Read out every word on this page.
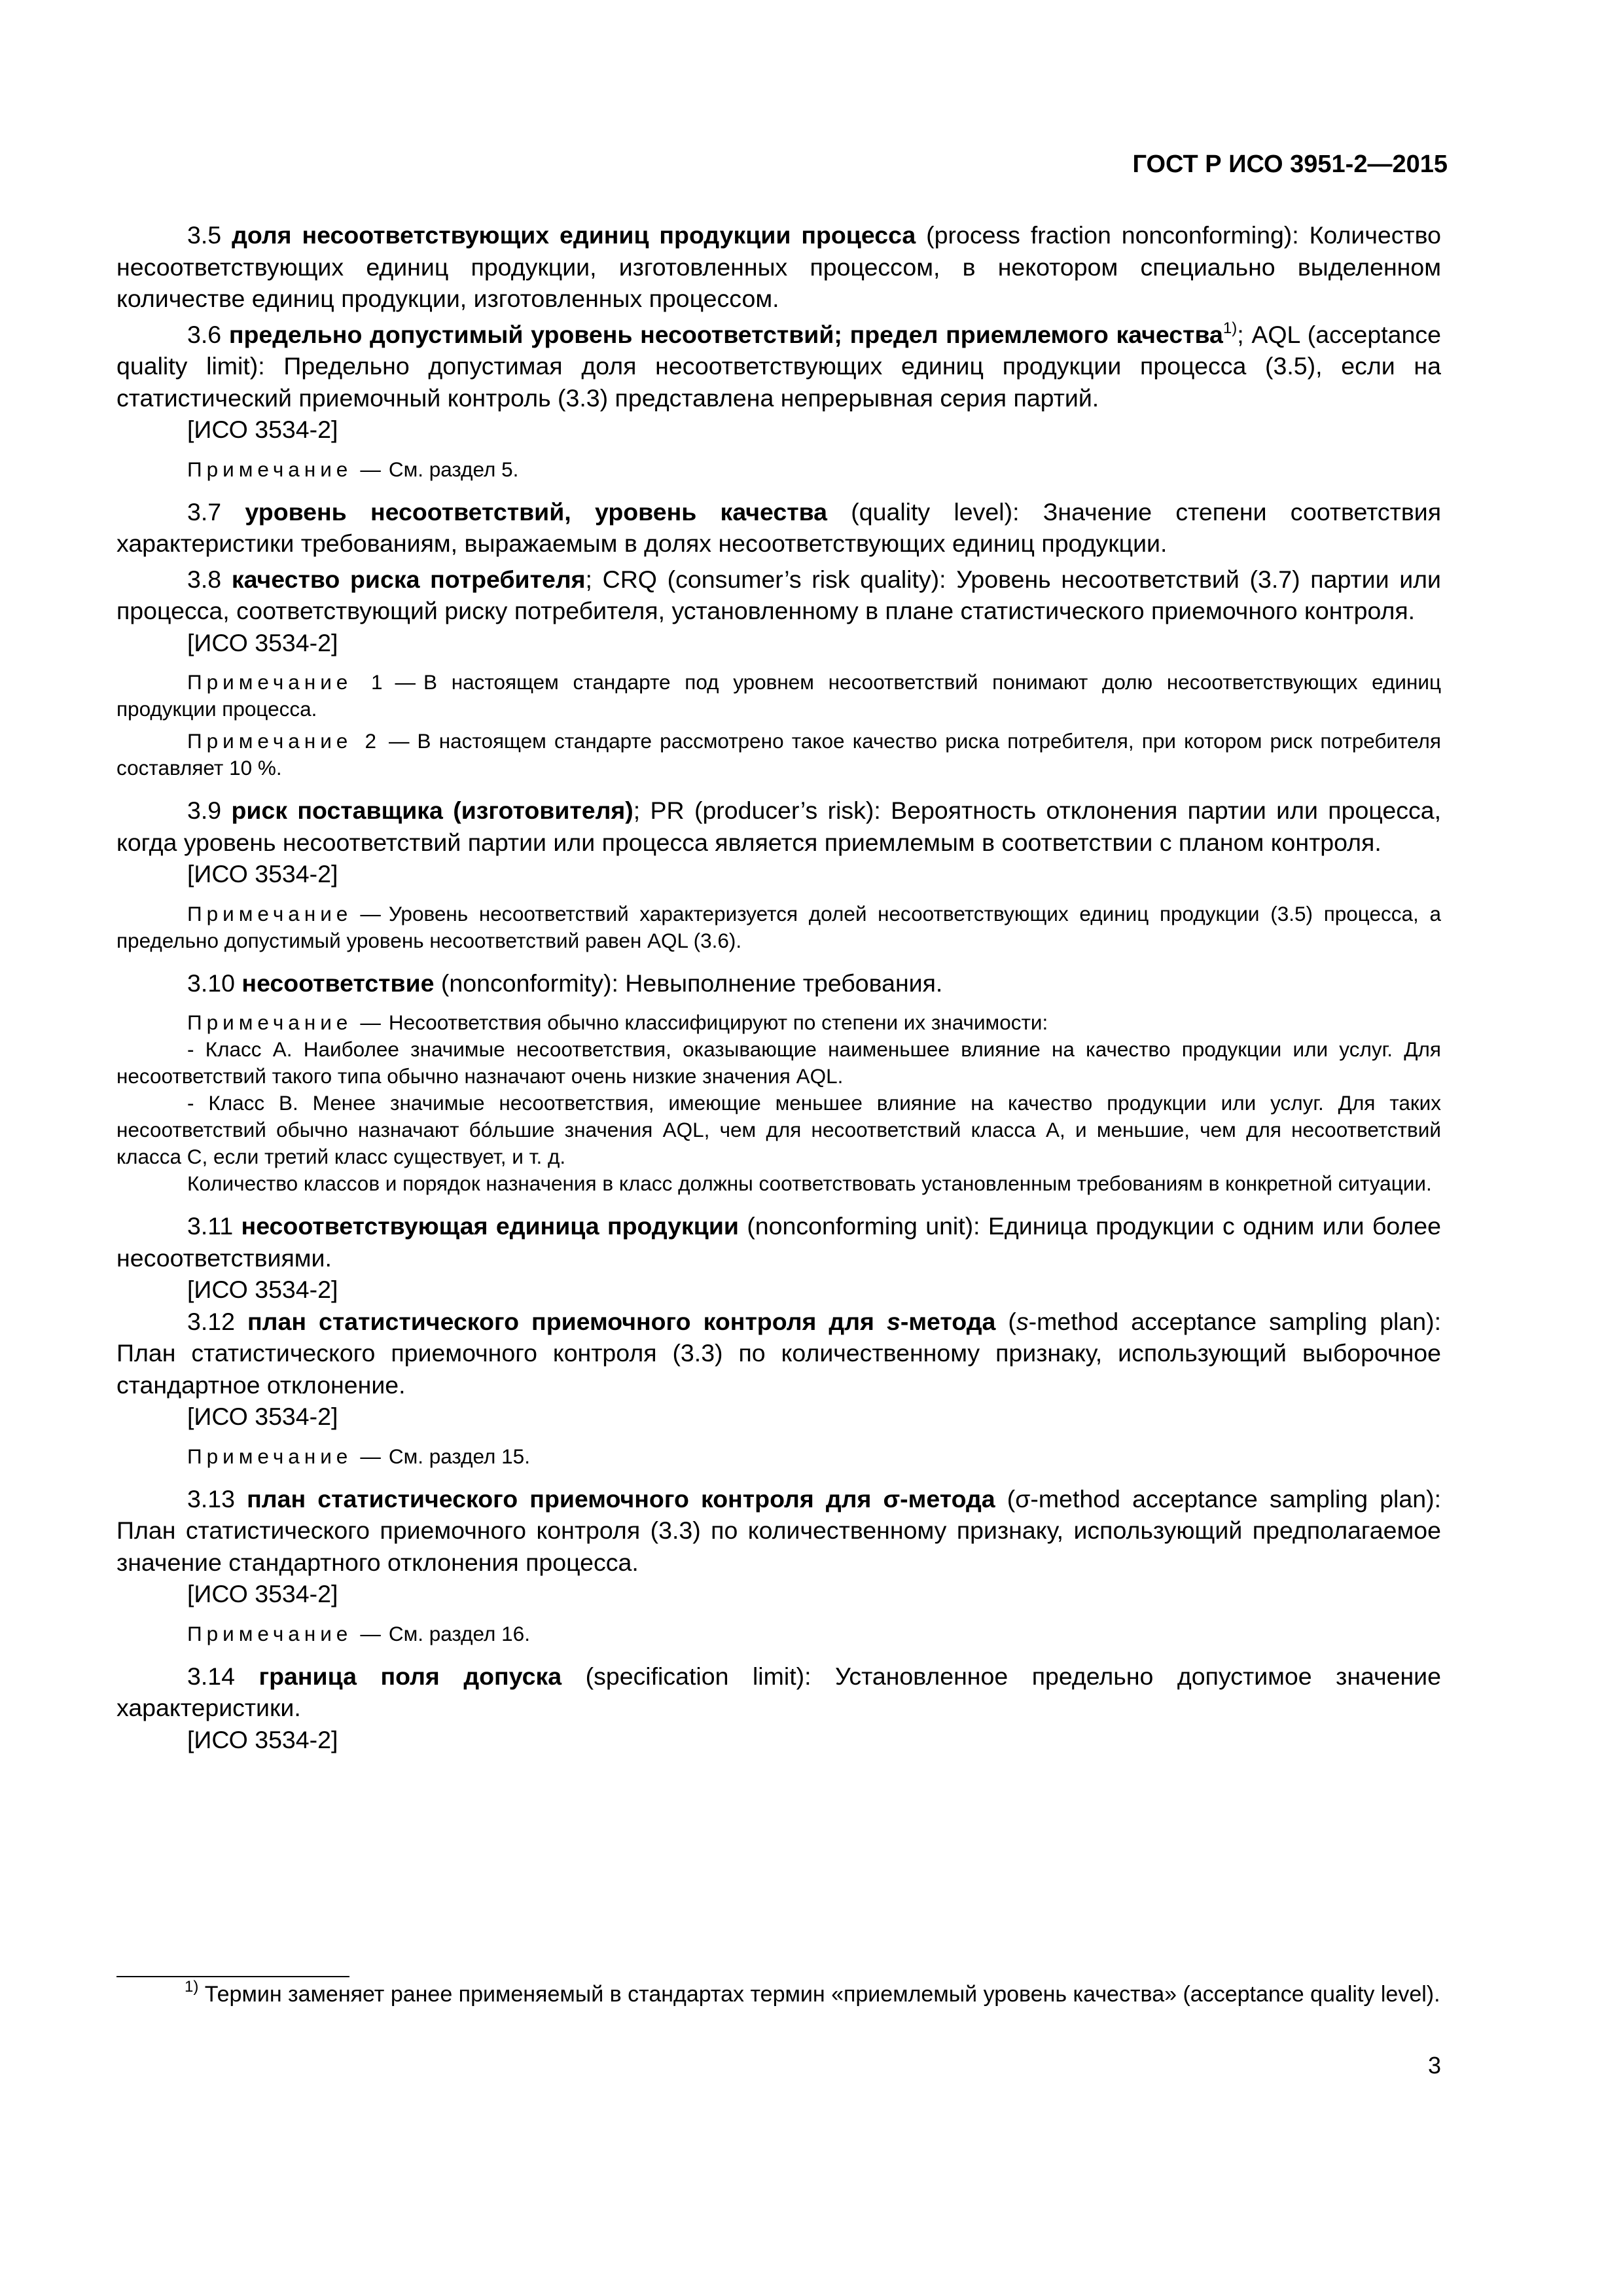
ГОСТ Р ИСО 3951-2—2015

3.5 доля несоответствующих единиц продукции процесса (process fraction nonconforming): Количество несоответствующих единиц продукции, изготовленных процессом, в некотором специально выделенном количестве единиц продукции, изготовленных процессом.

3.6 предельно допустимый уровень несоответствий; предел приемлемого качества$^{1)}$; AQL (acceptance quality limit): Предельно допустимая доля несоответствующих единиц продукции процесса (3.5), если на статистический приемочный контроль (3.3) представлена непрерывная серия партий.

[ИСО 3534-2]

Примечание — См. раздел 5.

3.7 уровень несоответствий, уровень качества (quality level): Значение степени соответствия характеристики требованиям, выражаемым в долях несоответствующих единиц продукции.

3.8 качество риска потребителя; CRQ (consumer’s risk quality): Уровень несоответствий (3.7) партии или процесса, соответствующий риску потребителя, установленному в плане статистического приемочного контроля.

[ИСО 3534-2]

Примечание 1 — В настоящем стандарте под уровнем несоответствий понимают долю несоответствующих единиц продукции процесса.

Примечание 2 — В настоящем стандарте рассмотрено такое качество риска потребителя, при котором риск потребителя составляет 10 %.

3.9 риск поставщика (изготовителя); PR (producer’s risk): Вероятность отклонения партии или процесса, когда уровень несоответствий партии или процесса является приемлемым в соответствии с планом контроля.

[ИСО 3534-2]

Примечание — Уровень несоответствий характеризуется долей несоответствующих единиц продукции (3.5) процесса, а предельно допустимый уровень несоответствий равен AQL (3.6).

3.10 несоответствие (nonconformity): Невыполнение требования.

Примечание — Несоответствия обычно классифицируют по степени их значимости:

- Класс А. Наиболее значимые несоответствия, оказывающие наименьшее влияние на качество продукции или услуг. Для несоответствий такого типа обычно назначают очень низкие значения AQL.

- Класс В. Менее значимые несоответствия, имеющие меньшее влияние на качество продукции или услуг. Для таких несоответствий обычно назначают бóльшие значения AQL, чем для несоответствий класса А, и меньшие, чем для несоответствий класса С, если третий класс существует, и т. д.

Количество классов и порядок назначения в класс должны соответствовать установленным требованиям в конкретной ситуации.

3.11 несоответствующая единица продукции (nonconforming unit): Единица продукции с одним или более несоответствиями.

[ИСО 3534-2]

3.12 план статистического приемочного контроля для s-метода (s-method acceptance sampling plan): План статистического приемочного контроля (3.3) по количественному признаку, использующий выборочное стандартное отклонение.

[ИСО 3534-2]

Примечание — См. раздел 15.

3.13 план статистического приемочного контроля для σ-метода (σ-method acceptance sampling plan): План статистического приемочного контроля (3.3) по количественному признаку, использующий предполагаемое значение стандартного отклонения процесса.

[ИСО 3534-2]

Примечание — См. раздел 16.

3.14 граница поля допуска (specification limit): Установленное предельно допустимое значение характеристики.

[ИСО 3534-2]

$^{1)}$ Термин заменяет ранее применяемый в стандартах термин «приемлемый уровень качества» (acceptance quality level).

3
